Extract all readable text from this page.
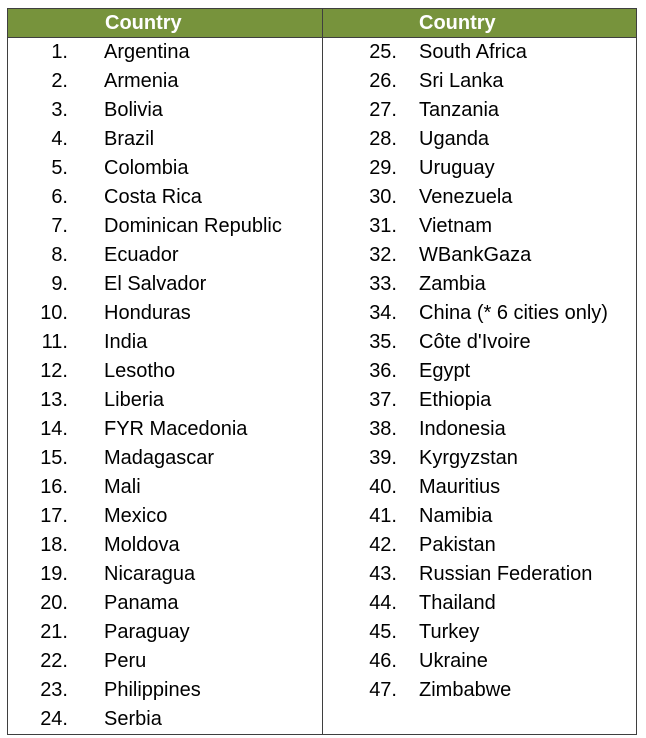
Country	Country
1. Argentina
2. Armenia
3. Bolivia
4. Brazil
5. Colombia
6. Costa Rica
7. Dominican Republic
8. Ecuador
9. El Salvador
10. Honduras
11. India
12. Lesotho
13. Liberia
14. FYR Macedonia
15. Madagascar
16. Mali
17. Mexico
18. Moldova
19. Nicaragua
20. Panama
21. Paraguay
22. Peru
23. Philippines
24. Serbia
25. South Africa
26. Sri Lanka
27. Tanzania
28. Uganda
29. Uruguay
30. Venezuela
31. Vietnam
32. WBankGaza
33. Zambia
34. China (* 6 cities only)
35. Côte d'Ivoire
36. Egypt
37. Ethiopia
38. Indonesia
39. Kyrgyzstan
40. Mauritius
41. Namibia
42. Pakistan
43. Russian Federation
44. Thailand
45. Turkey
46. Ukraine
47. Zimbabwe
